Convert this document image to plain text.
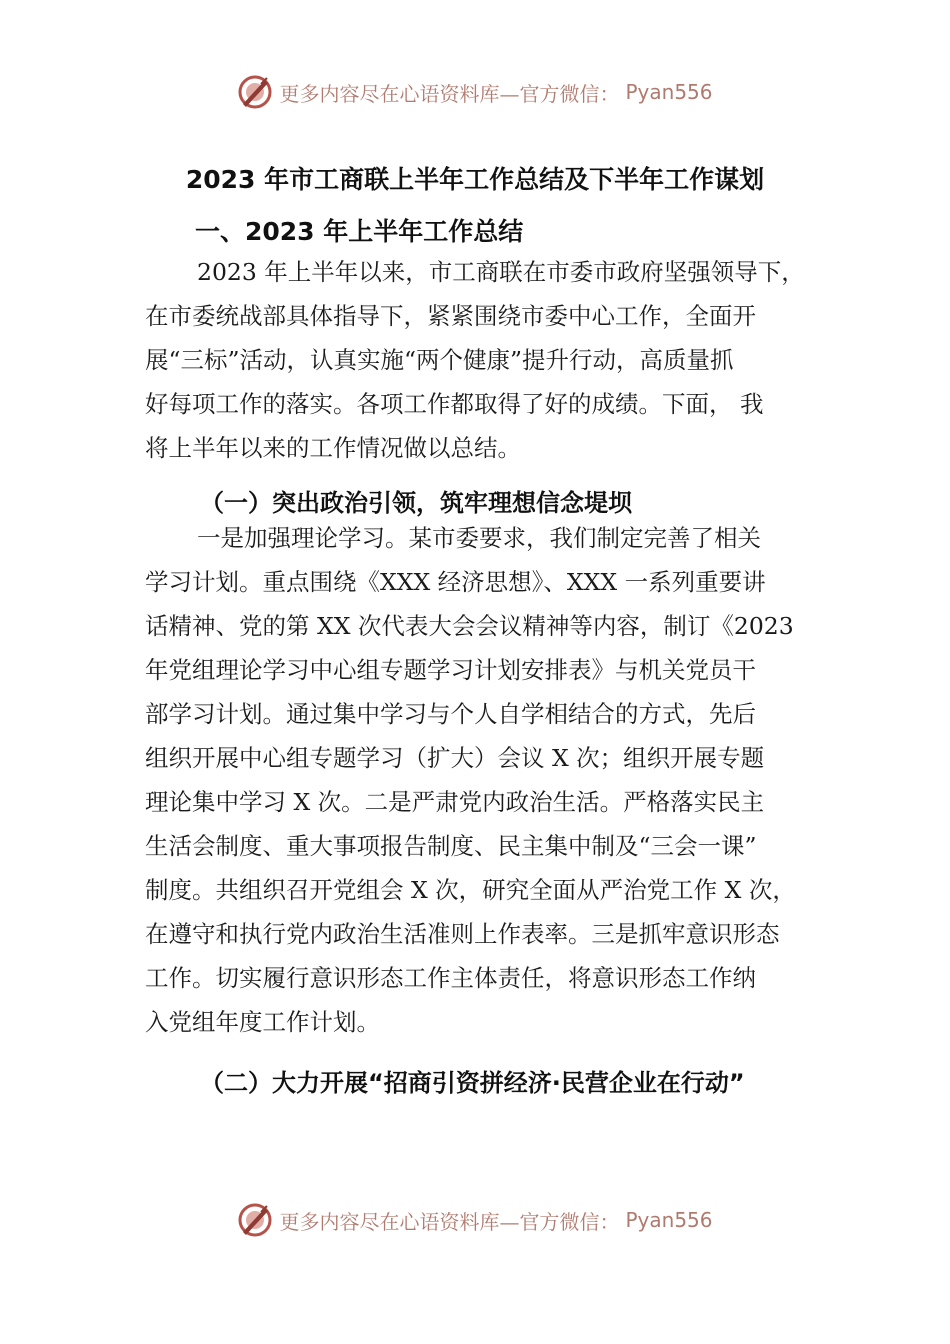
更多内容尽在心语资料库—官方微信： Pyan556
2023 年市工商联上半年工作总结及下半年工作谋划
一、2023 年上半年工作总结
2023 年上半年以来，市工商联在市委市政府坚强领导下，
在市委统战部具体指导下，紧紧围绕市委中心工作，全面开
展“三标”活动，认真实施“两个健康”提升行动，高质量抓
好每项工作的落实。各项工作都取得了好的成绩。下面， 我
将上半年以来的工作情况做以总结。
（一）突出政治引领，筑牢理想信念堤坝
一是加强理论学习。某市委要求，我们制定完善了相关
学习计划。重点围绕《XXX 经济思想》、XXX 一系列重要讲
话精神、党的第 XX 次代表大会会议精神等内容，制订《2023
年党组理论学习中心组专题学习计划安排表》与机关党员干
部学习计划。通过集中学习与个人自学相结合的方式，先后
组织开展中心组专题学习（扩大）会议 X 次；组织开展专题
理论集中学习 X 次。二是严肃党内政治生活。严格落实民主
生活会制度、重大事项报告制度、民主集中制及“三会一课”
制度。共组织召开党组会 X 次，研究全面从严治党工作 X 次，
在遵守和执行党内政治生活准则上作表率。三是抓牢意识形态
工作。切实履行意识形态工作主体责任，将意识形态工作纳
入党组年度工作计划。
（二）大力开展“招商引资拼经济·民营企业在行动”
更多内容尽在心语资料库—官方微信： Pyan556
